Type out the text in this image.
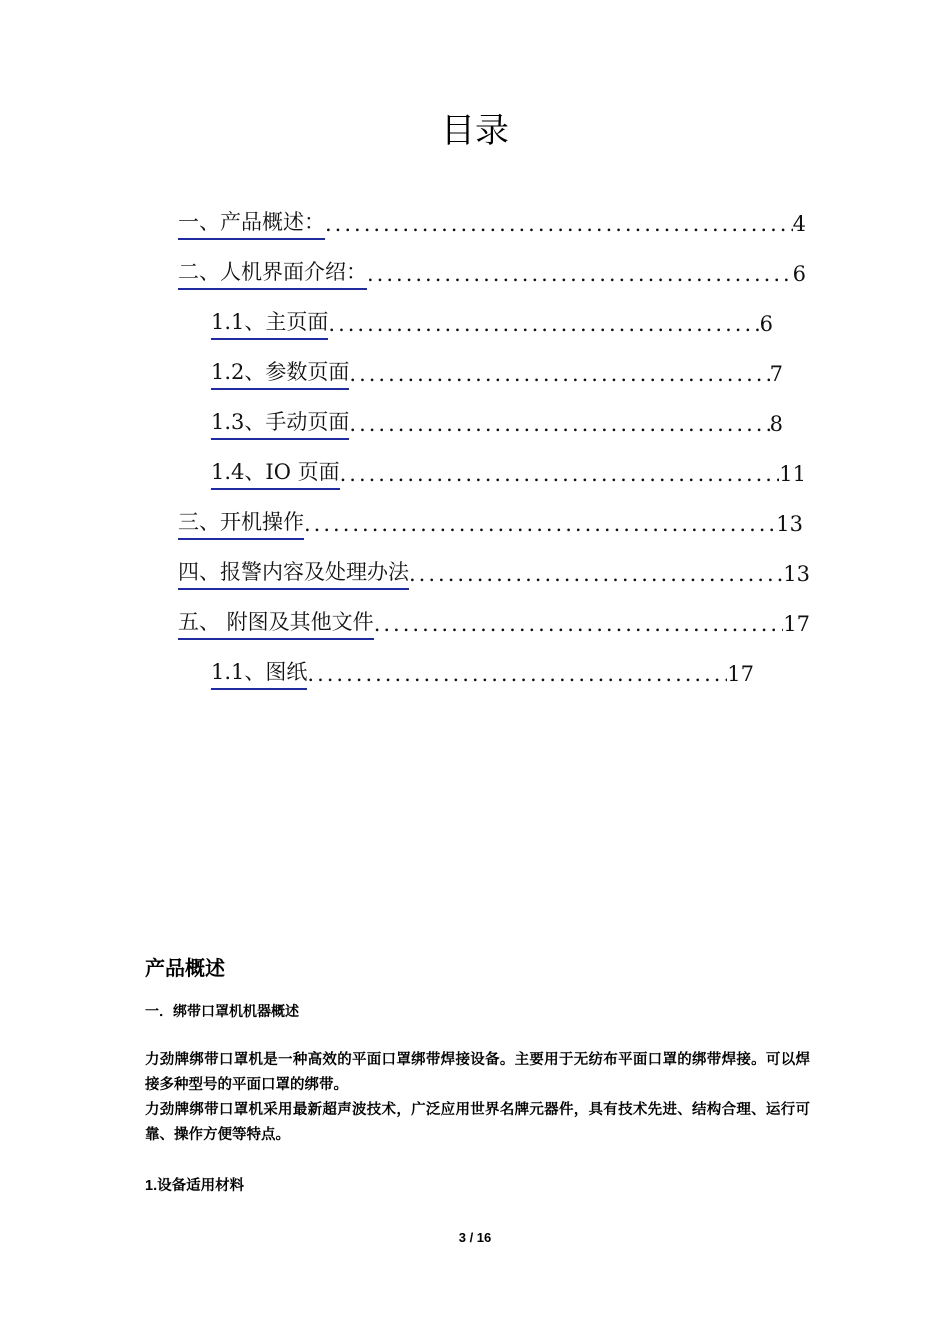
目录
一、产品概述： .....	4
二、人机界面介绍： .....	6
1.1、主页面 .....	6
1.2、参数页面 .....	7
1.3、手动页面 .....	8
1.4、IO 页面 .....	11
三、开机操作 .....	13
四、报警内容及处理办法 .....	13
五、 附图及其他文件 .....	17
1.1、图纸 .....	17
产品概述

一．绑带口罩机机器概述

力劲牌绑带口罩机是一种高效的平面口罩绑带焊接设备。主要用于无纺布平面口罩的绑带焊接。可以焊接多种型号的平面口罩的绑带。

力劲牌绑带口罩机采用最新超声波技术，广泛应用世界名牌元器件，具有技术先进、结构合理、运行可靠、操作方便等特点。

1.设备适用材料

3 / 16
